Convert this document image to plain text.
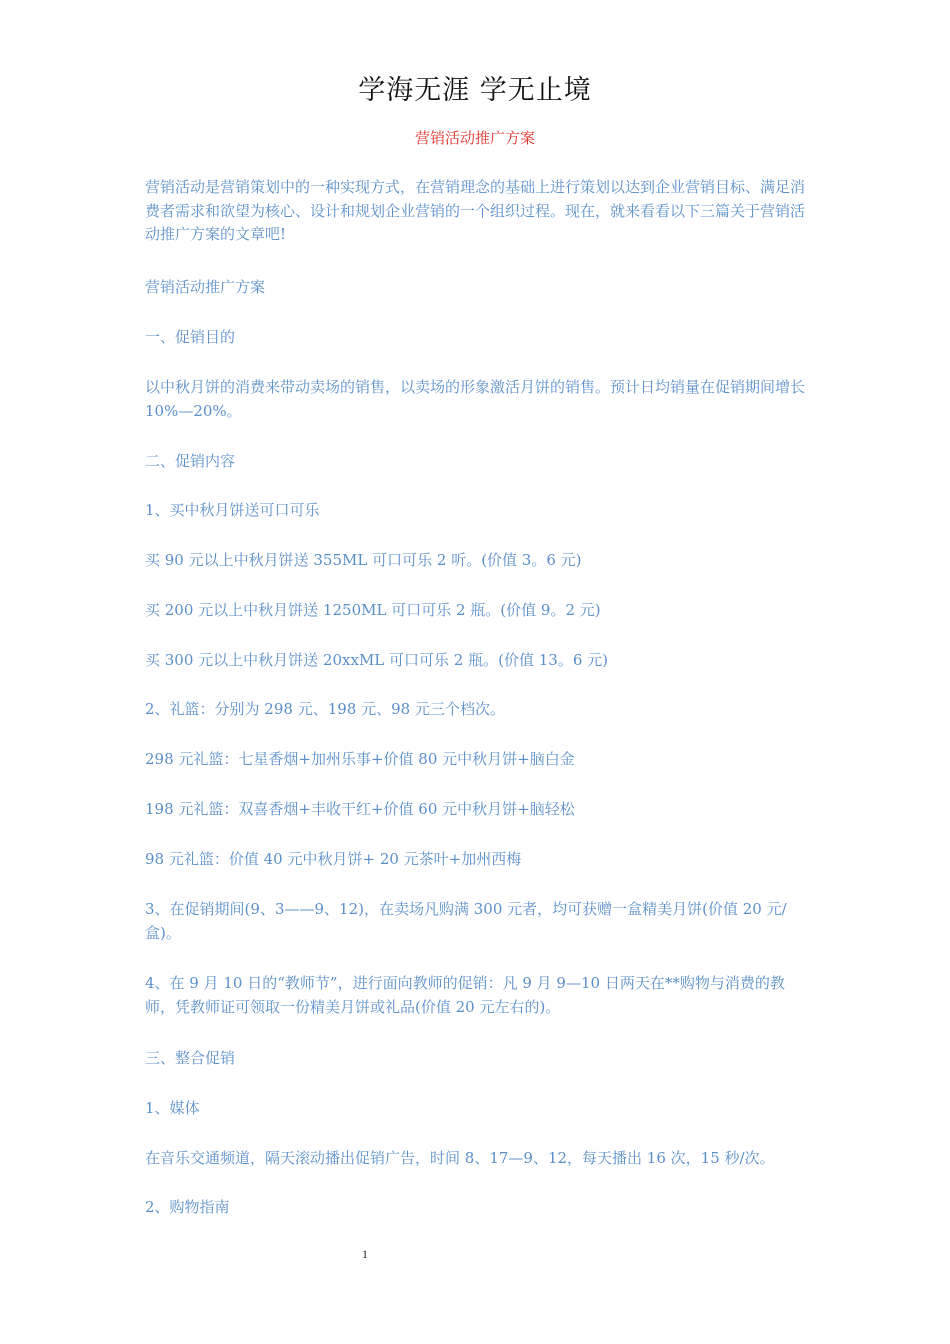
学海无涯 学无止境
营销活动推广方案

营销活动是营销策划中的一种实现方式，在营销理念的基础上进行策划以达到企业营销目标、满足消费者需求和欲望为核心、设计和规划企业营销的一个组织过程。现在，就来看看以下三篇关于营销活动推广方案的文章吧!

营销活动推广方案

一、促销目的

以中秋月饼的消费来带动卖场的销售，以卖场的形象激活月饼的销售。预计日均销量在促销期间增长 10%—20%。

二、促销内容

1、买中秋月饼送可口可乐

买 90 元以上中秋月饼送 355ML 可口可乐 2 听。(价值 3。6 元)

买 200 元以上中秋月饼送 1250ML 可口可乐 2 瓶。(价值 9。2 元)

买 300 元以上中秋月饼送 20xxML 可口可乐 2 瓶。(价值 13。6 元)

2、礼篮：分别为 298 元、198 元、98 元三个档次。

298 元礼篮：七星香烟+加州乐事+价值 80 元中秋月饼+脑白金

198 元礼篮：双喜香烟+丰收干红+价值 60 元中秋月饼+脑轻松

98 元礼篮：价值 40 元中秋月饼+ 20 元茶叶+加州西梅

3、在促销期间(9、3——9、12)，在卖场凡购满 300 元者，均可获赠一盒精美月饼(价值 20 元/盒)。

4、在 9 月 10 日的“教师节”，进行面向教师的促销：凡 9 月 9—10 日两天在**购物与消费的教师，凭教师证可领取一份精美月饼或礼品(价值 20 元左右的)。

三、整合促销

1、媒体

在音乐交通频道，隔天滚动播出促销广告，时间 8、17—9、12，每天播出 16 次，15 秒/次。

2、购物指南

1
